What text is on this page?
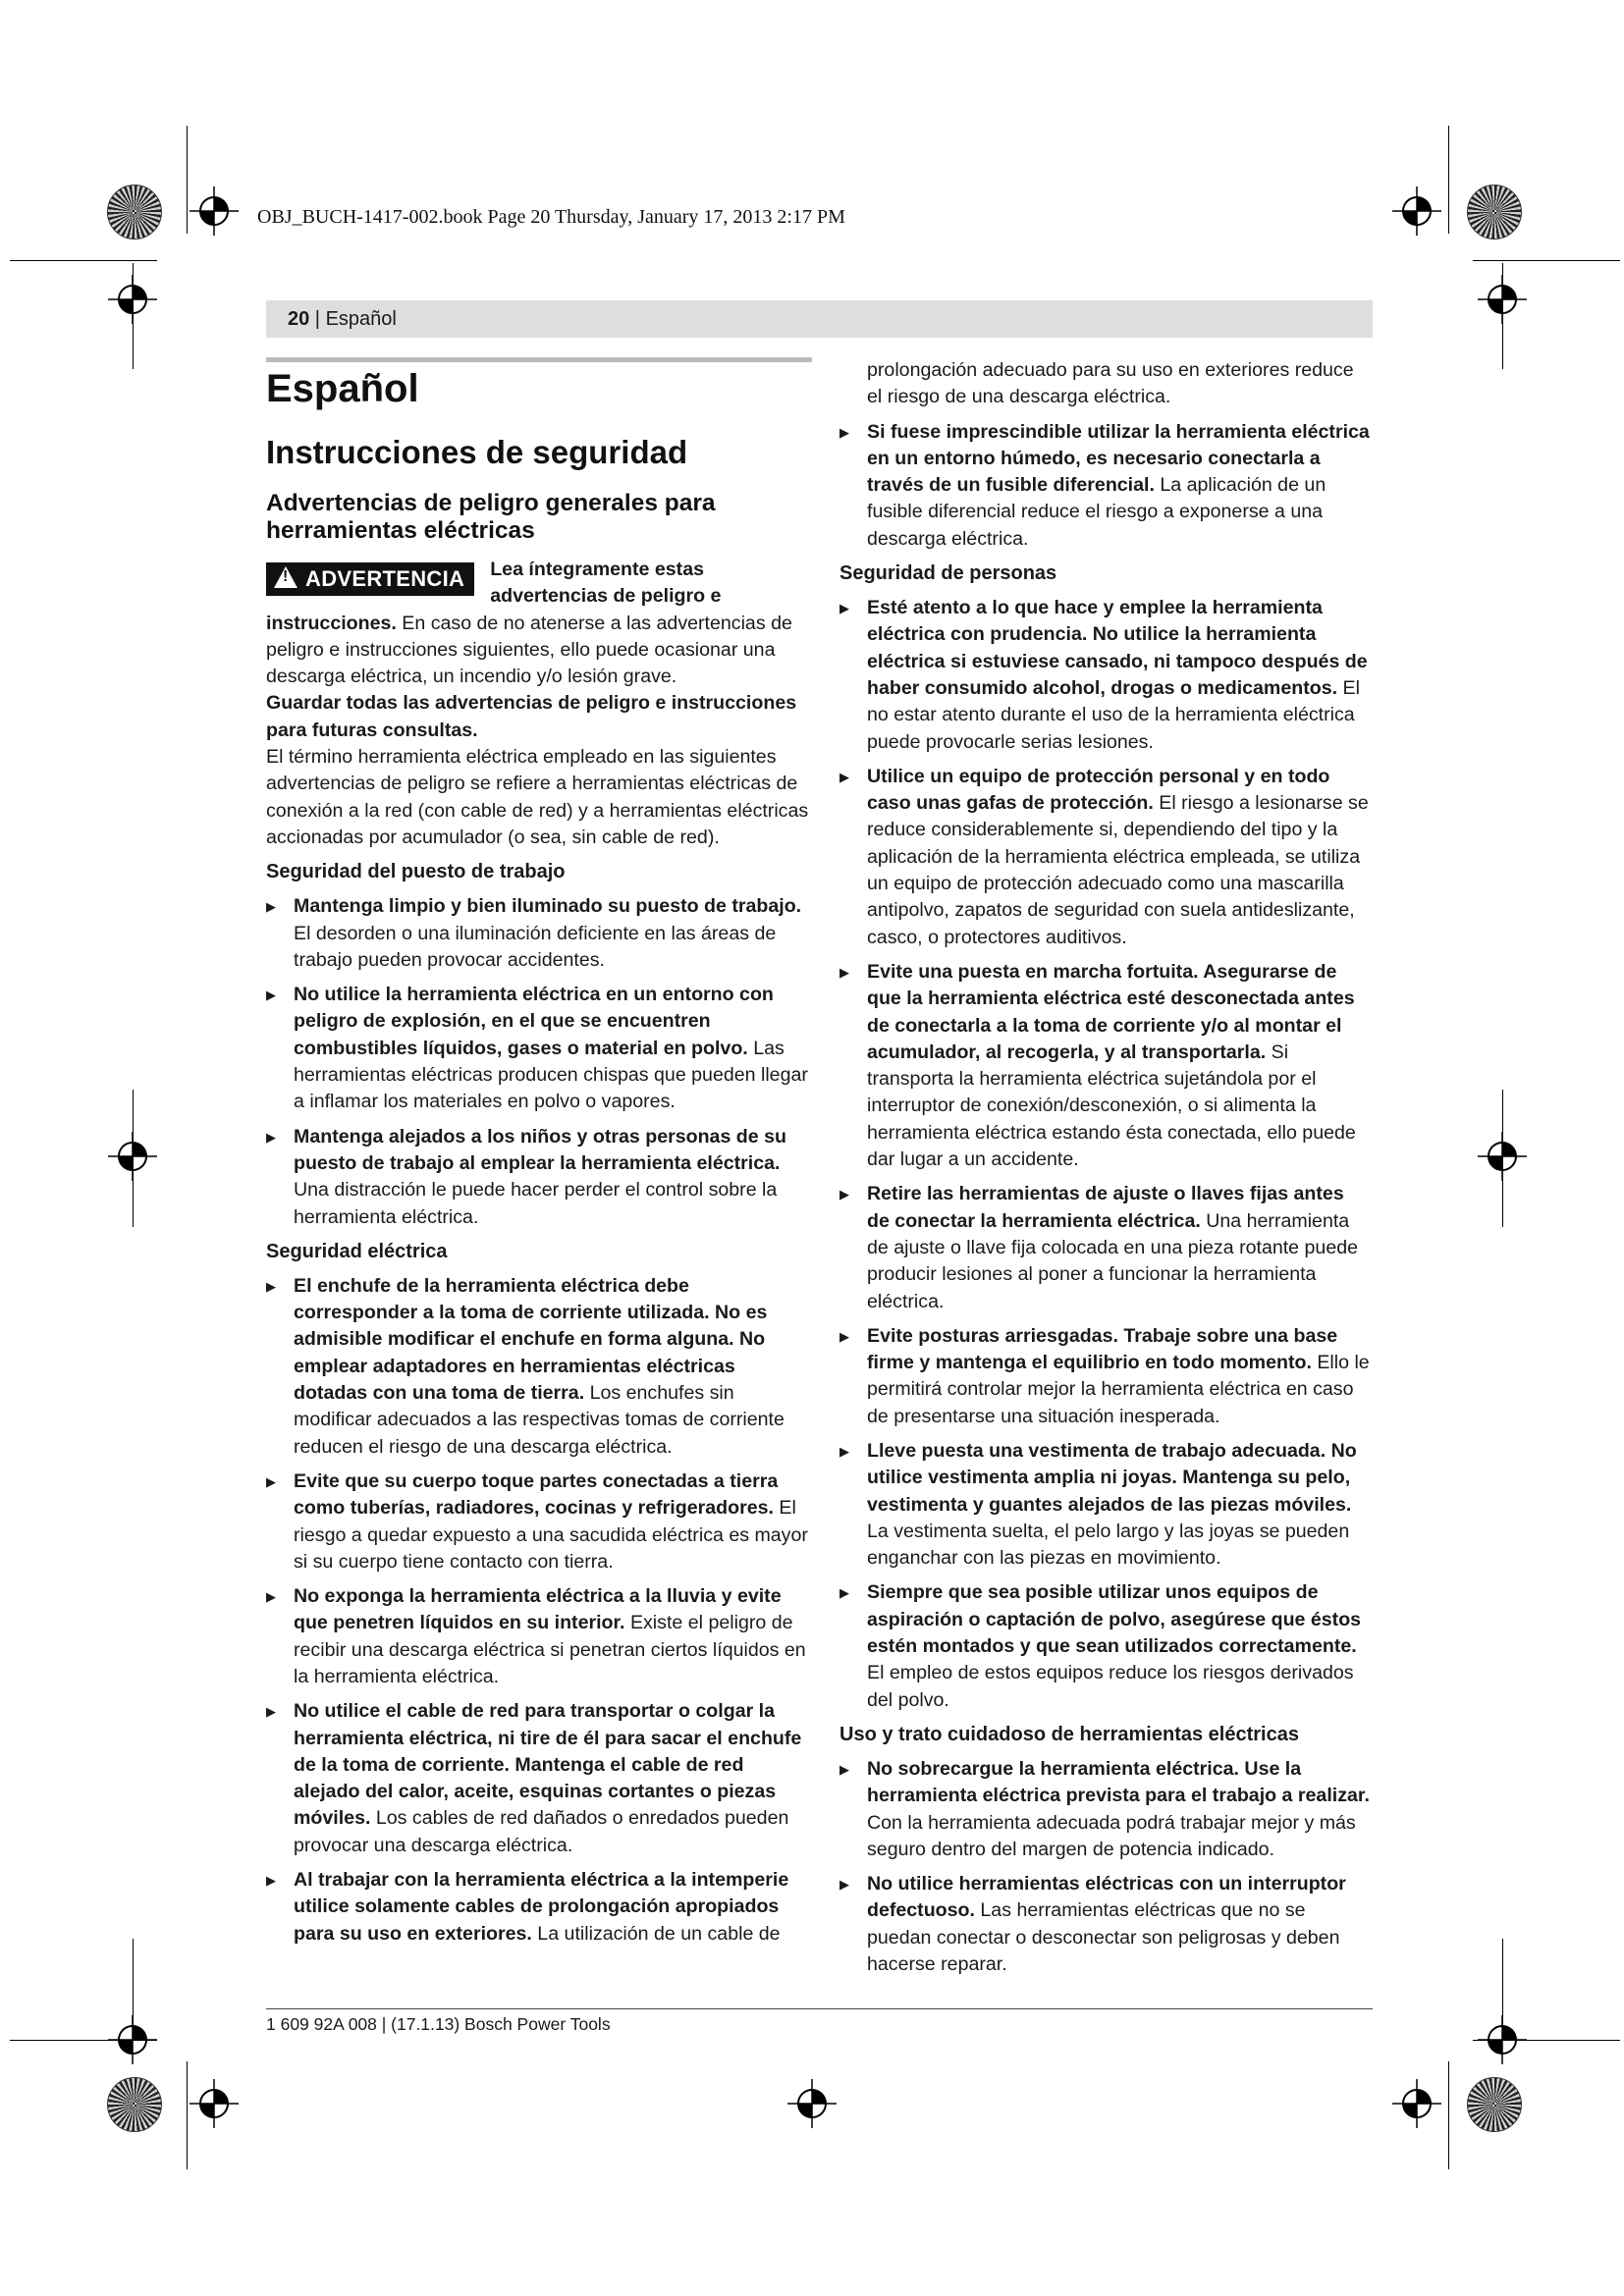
OBJ_BUCH-1417-002.book Page 20 Thursday, January 17, 2013 2:17 PM
20 | Español
Español
Instrucciones de seguridad
Advertencias de peligro generales para herramientas eléctricas
!ADVERTENCIA	Lea íntegramente estas advertencias de peligro e instrucciones. En caso de no atenerse a las advertencias de peligro e instrucciones siguientes, ello puede ocasionar una descarga eléctrica, un incendio y/o lesión grave.

Guardar todas las advertencias de peligro e instrucciones para futuras consultas.

El término herramienta eléctrica empleado en las siguientes advertencias de peligro se refiere a herramientas eléctricas de conexión a la red (con cable de red) y a herramientas eléctricas accionadas por acumulador (o sea, sin cable de red).

Seguridad del puesto de trabajo
▶ Mantenga limpio y bien iluminado su puesto de trabajo. El desorden o una iluminación deficiente en las áreas de trabajo pueden provocar accidentes.
▶ No utilice la herramienta eléctrica en un entorno con peligro de explosión, en el que se encuentren combustibles líquidos, gases o material en polvo. Las herramientas eléctricas producen chispas que pueden llegar a inflamar los materiales en polvo o vapores.
▶ Mantenga alejados a los niños y otras personas de su puesto de trabajo al emplear la herramienta eléctrica. Una distracción le puede hacer perder el control sobre la herramienta eléctrica.
Seguridad eléctrica
▶ El enchufe de la herramienta eléctrica debe corresponder a la toma de corriente utilizada. No es admisible modificar el enchufe en forma alguna. No emplear adaptadores en herramientas eléctricas dotadas con una toma de tierra. Los enchufes sin modificar adecuados a las respectivas tomas de corriente reducen el riesgo de una descarga eléctrica.
▶ Evite que su cuerpo toque partes conectadas a tierra como tuberías, radiadores, cocinas y refrigeradores. El riesgo a quedar expuesto a una sacudida eléctrica es mayor si su cuerpo tiene contacto con tierra.
▶ No exponga la herramienta eléctrica a la lluvia y evite que penetren líquidos en su interior. Existe el peligro de recibir una descarga eléctrica si penetran ciertos líquidos en la herramienta eléctrica.
▶ No utilice el cable de red para transportar o colgar la herramienta eléctrica, ni tire de él para sacar el enchufe de la toma de corriente. Mantenga el cable de red alejado del calor, aceite, esquinas cortantes o piezas móviles. Los cables de red dañados o enredados pueden provocar una descarga eléctrica.
▶ Al trabajar con la herramienta eléctrica a la intemperie utilice solamente cables de prolongación apropiados para su uso en exteriores. La utilización de un cable de

prolongación adecuado para su uso en exteriores reduce el riesgo de una descarga eléctrica.

▶ Si fuese imprescindible utilizar la herramienta eléctrica en un entorno húmedo, es necesario conectarla a través de un fusible diferencial. La aplicación de un fusible diferencial reduce el riesgo a exponerse a una descarga eléctrica.
Seguridad de personas
▶ Esté atento a lo que hace y emplee la herramienta eléctrica con prudencia. No utilice la herramienta eléctrica si estuviese cansado, ni tampoco después de haber consumido alcohol, drogas o medicamentos. El no estar atento durante el uso de la herramienta eléctrica puede provocarle serias lesiones.
▶ Utilice un equipo de protección personal y en todo caso unas gafas de protección. El riesgo a lesionarse se reduce considerablemente si, dependiendo del tipo y la aplicación de la herramienta eléctrica empleada, se utiliza un equipo de protección adecuado como una mascarilla antipolvo, zapatos de seguridad con suela antideslizante, casco, o protectores auditivos.
▶ Evite una puesta en marcha fortuita. Asegurarse de que la herramienta eléctrica esté desconectada antes de conectarla a la toma de corriente y/o al montar el acumulador, al recogerla, y al transportarla. Si transporta la herramienta eléctrica sujetándola por el interruptor de conexión/desconexión, o si alimenta la herramienta eléctrica estando ésta conectada, ello puede dar lugar a un accidente.
▶ Retire las herramientas de ajuste o llaves fijas antes de conectar la herramienta eléctrica. Una herramienta de ajuste o llave fija colocada en una pieza rotante puede producir lesiones al poner a funcionar la herramienta eléctrica.
▶ Evite posturas arriesgadas. Trabaje sobre una base firme y mantenga el equilibrio en todo momento. Ello le permitirá controlar mejor la herramienta eléctrica en caso de presentarse una situación inesperada.
▶ Lleve puesta una vestimenta de trabajo adecuada. No utilice vestimenta amplia ni joyas. Mantenga su pelo, vestimenta y guantes alejados de las piezas móviles. La vestimenta suelta, el pelo largo y las joyas se pueden enganchar con las piezas en movimiento.
▶ Siempre que sea posible utilizar unos equipos de aspiración o captación de polvo, asegúrese que éstos estén montados y que sean utilizados correctamente. El empleo de estos equipos reduce los riesgos derivados del polvo.
Uso y trato cuidadoso de herramientas eléctricas
▶ No sobrecargue la herramienta eléctrica. Use la herramienta eléctrica prevista para el trabajo a realizar. Con la herramienta adecuada podrá trabajar mejor y más seguro dentro del margen de potencia indicado.
▶ No utilice herramientas eléctricas con un interruptor defectuoso. Las herramientas eléctricas que no se puedan conectar o desconectar son peligrosas y deben hacerse reparar.
1 609 92A 008 | (17.1.13) Bosch Power Tools
